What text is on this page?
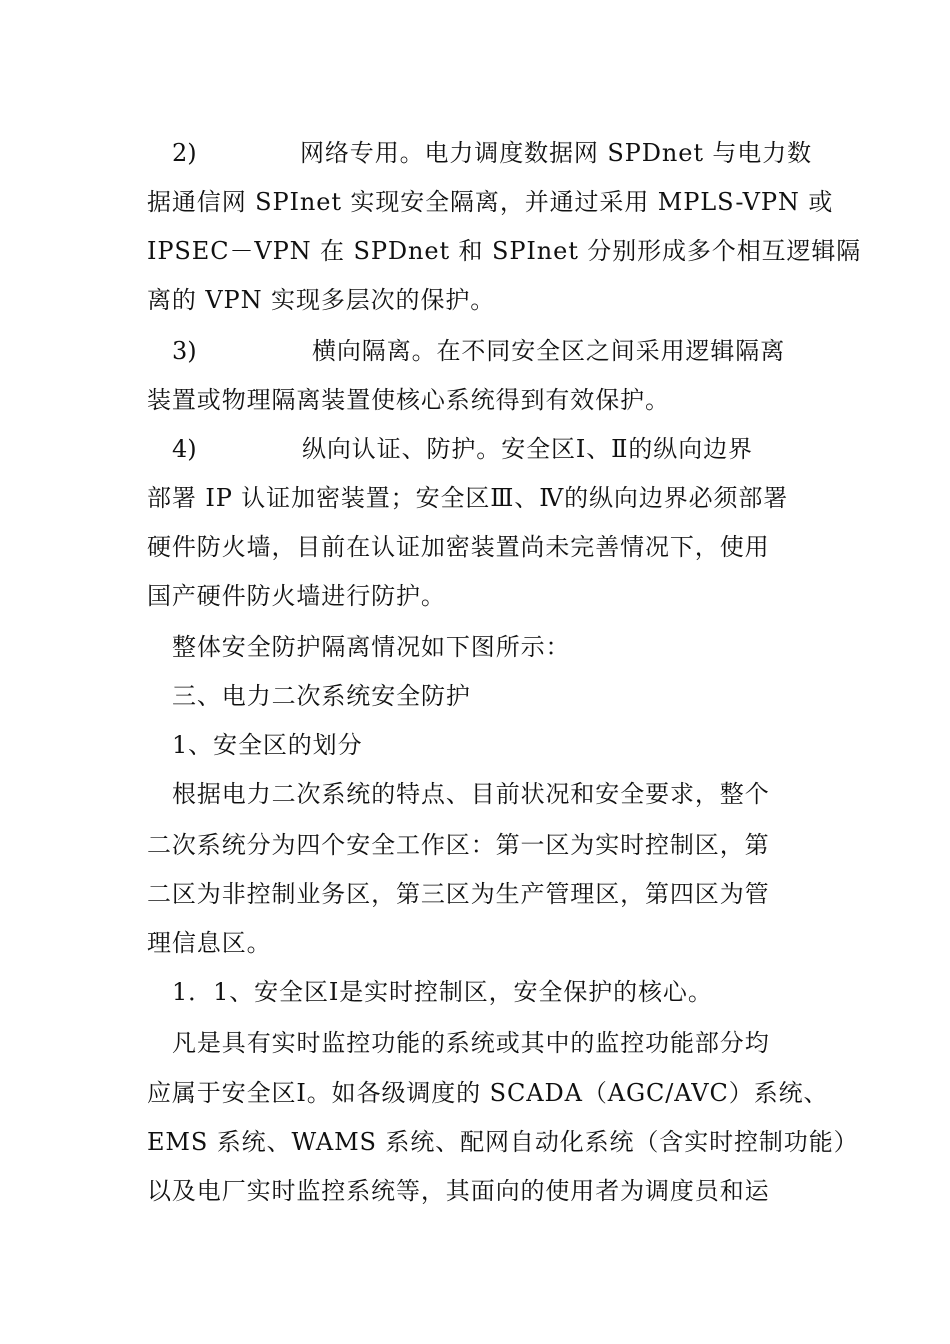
2)	网络专用。电力调度数据网 SPDnet 与电力数
据通信网 SPInet 实现安全隔离，并通过采用 MPLS-VPN 或
IPSEC－VPN 在 SPDnet 和 SPInet 分别形成多个相互逻辑隔
离的 VPN 实现多层次的保护。
3)	横向隔离。在不同安全区之间采用逻辑隔离
装置或物理隔离装置使核心系统得到有效保护。
4)	纵向认证、防护。安全区Ⅰ、Ⅱ的纵向边界
部署 IP 认证加密装置；安全区Ⅲ、Ⅳ的纵向边界必须部署
硬件防火墙，目前在认证加密装置尚未完善情况下，使用
国产硬件防火墙进行防护。
整体安全防护隔离情况如下图所示：
三、电力二次系统安全防护
1、安全区的划分
根据电力二次系统的特点、目前状况和安全要求，整个
二次系统分为四个安全工作区：第一区为实时控制区，第
二区为非控制业务区，第三区为生产管理区，第四区为管
理信息区。
1．1、安全区Ⅰ是实时控制区，安全保护的核心。
凡是具有实时监控功能的系统或其中的监控功能部分均
应属于安全区Ⅰ。如各级调度的 SCADA（AGC/AVC）系统、
EMS 系统、WAMS 系统、配网自动化系统（含实时控制功能）
以及电厂实时监控系统等，其面向的使用者为调度员和运
